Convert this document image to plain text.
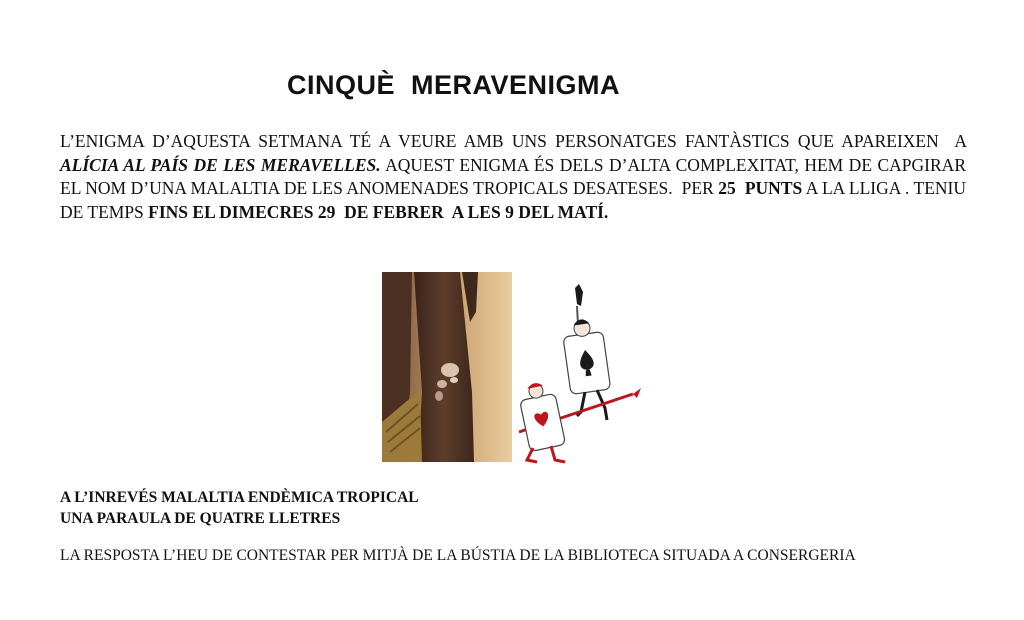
CINQUÈ  MERAVENIGMA
L’ENIGMA D’AQUESTA SETMANA TÉ A VEURE AMB UNS PERSONATGES FANTÀSTICS QUE APAREIXEN  A ALÍCIA AL PAÍS DE LES MERAVELLES. AQUEST ENIGMA ÉS DELS D’ALTA COMPLEXITAT, HEM DE CAPGIRAR EL NOM D’UNA MALALTIA DE LES ANOMENADES TROPICALS DESATESES.  PER 25  PUNTS A LA LLIGA . TENIU DE TEMPS FINS EL DIMECRES 29  DE FEBRER  A LES 9 DEL MATÍ.
A L’INREVÉS MALALTIA ENDÈMICA TROPICAL
UNA PARAULA DE QUATRE LLETRES
LA RESPOSTA L’HEU DE CONTESTAR PER MITJÀ DE LA BÚSTIA DE LA BIBLIOTECA SITUADA A CONSERGERIA
